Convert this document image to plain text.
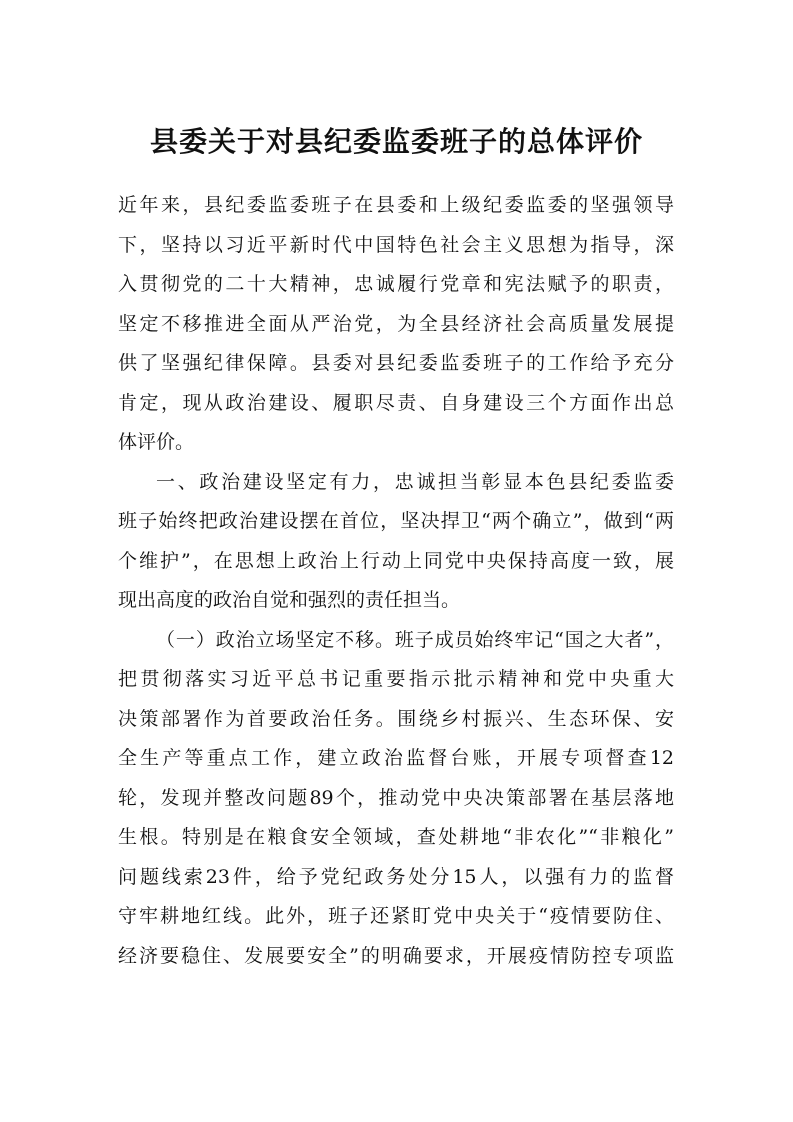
县委关于对县纪委监委班子的总体评价

近年来，县纪委监委班子在县委和上级纪委监委的坚强领导
下，坚持以习近平新时代中国特色社会主义思想为指导，深
入贯彻党的二十大精神，忠诚履行党章和宪法赋予的职责，
坚定不移推进全面从严治党，为全县经济社会高质量发展提
供了坚强纪律保障。县委对县纪委监委班子的工作给予充分
肯定，现从政治建设、履职尽责、自身建设三个方面作出总
体评价。

一、政治建设坚定有力，忠诚担当彰显本色县纪委监委
班子始终把政治建设摆在首位，坚决捍卫“两个确立”，做到“两
个维护”，在思想上政治上行动上同党中央保持高度一致，展
现出高度的政治自觉和强烈的责任担当。

（一）政治立场坚定不移。班子成员始终牢记“国之大者”，
把贯彻落实习近平总书记重要指示批示精神和党中央重大
决策部署作为首要政治任务。围绕乡村振兴、生态环保、安
全生产等重点工作，建立政治监督台账，开展专项督查12
轮，发现并整改问题89个，推动党中央决策部署在基层落地
生根。特别是在粮食安全领域，查处耕地“非农化”“非粮化”
问题线索23件，给予党纪政务处分15人，以强有力的监督
守牢耕地红线。此外，班子还紧盯党中央关于“疫情要防住、
经济要稳住、发展要安全”的明确要求，开展疫情防控专项监
